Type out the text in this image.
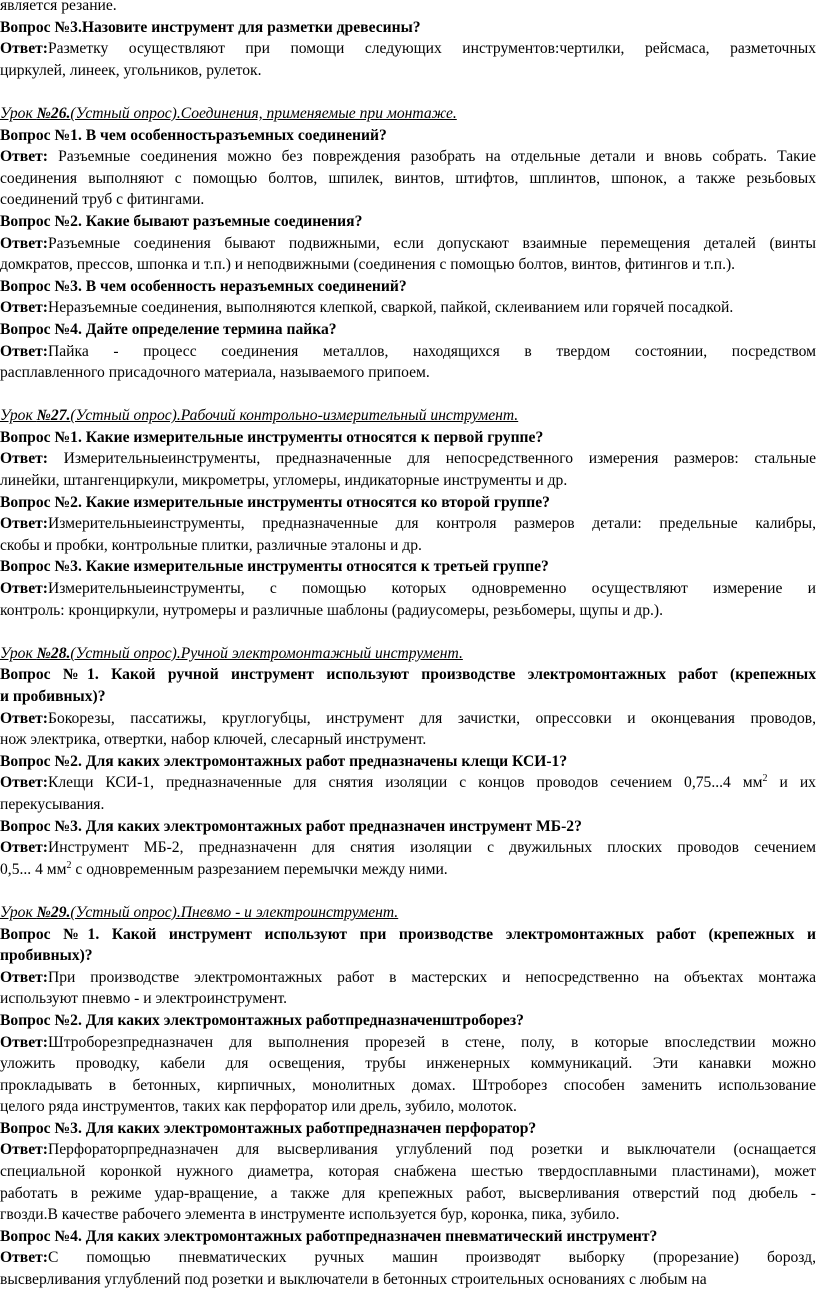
является резание.

Вопрос №3.Назовите инструмент для разметки древесины?

Ответ:Разметку осуществляют при помощи следующих инструментов:чертилки, рейсмаса, разметочных

циркулей, линеек, угольников, рулеток.

Урок №26.(Устный опрос).Соединения, применяемые при монтаже.

Вопрос №1. В чем особенностьразъемных соединений?

Ответ: Разъемные соединения можно без повреждения разобрать на отдельные детали и вновь собрать. Такие

соединения выполняют с помощью болтов, шпилек, винтов, штифтов, шплинтов, шпонок, а также резьбовых

соединений труб с фитингами.

Вопрос №2. Какие бывают разъемные соединения?

Ответ:Разъемные соединения бывают подвижными, если допускают взаимные перемещения деталей (винты

домкратов, прессов, шпонка и т.п.) и неподвижными (соединения с помощью болтов, винтов, фитингов и т.п.).

Вопрос №3. В чем особенность неразъемных соединений?

Ответ:Неразъемные соединения, выполняются клепкой, сваркой, пайкой, склеиванием или горячей посадкой.

Вопрос №4. Дайте определение термина пайка?

Ответ:Пайка - процесс соединения металлов, находящихся в твердом состоянии, посредством

расплавленного присадочного материала, называемого припоем.

Урок №27.(Устный опрос).Рабочий контрольно-измерительный инструмент.

Вопрос №1. Какие измерительные инструменты относятся к первой группе?

Ответ: Измерительныеинструменты, предназначенные для непосредственного измерения размеров: стальные

линейки, штангенциркули, микрометры, угломеры, индикаторные инструменты и др.

Вопрос №2. Какие измерительные инструменты относятся ко второй группе?

Ответ:Измерительныеинструменты, предназначенные для контроля размеров детали: предельные калибры,

скобы и пробки, контрольные плитки, различные эталоны и др.

Вопрос №3. Какие измерительные инструменты относятся к третьей группе?

Ответ:Измерительныеинструменты, с помощью которых одновременно осуществляют измерение и

контроль: кронциркули, нутромеры и различные шаблоны (радиусомеры, резьбомеры, щупы и др.).

Урок №28.(Устный опрос).Ручной электромонтажный инструмент.

Вопрос №1. Какой ручной инструмент используют производстве электромонтажных работ (крепежных

и пробивных)?

Ответ:Бокорезы, пассатижы, круглогубцы, инструмент для зачистки, опрессовки и оконцевания проводов,

нож электрика, отвертки, набор ключей, слесарный инструмент.

Вопрос №2. Для каких электромонтажных работ предназначены клещи КСИ-1?

Ответ:Клещи КСИ-1, предназначенные для снятия изоляции с концов проводов сечением 0,75...4 $мм^2$ и их

перекусывания.

Вопрос №3. Для каких электромонтажных работ предназначен инструмент МБ-2?

Ответ:Инструмент МБ-2, предназначенн для снятия изоляции с двужильных плоских проводов сечением

0,5... 4 $мм^2$ с одновременным разрезанием перемычки между ними.

Урок №29.(Устный опрос).Пневмо - и электроинструмент.

Вопрос №1. Какой инструмент используют при производстве электромонтажных работ (крепежных и

пробивных)?

Ответ:При производстве электромонтажных работ в мастерских и непосредственно на объектах монтажа

используют пневмо - и электроинструмент.

Вопрос №2. Для каких электромонтажных работпредназначенштроборез?

Ответ:Штроборезпредназначен для выполнения прорезей в стене, полу, в которые впоследствии можно

уложить проводку, кабели для освещения, трубы инженерных коммуникаций. Эти канавки можно

прокладывать в бетонных, кирпичных, монолитных домах. Штроборез способен заменить использование

целого ряда инструментов, таких как перфоратор или дрель, зубило, молоток.

Вопрос №3. Для каких электромонтажных работпредназначен перфоратор?

Ответ:Перфораторпредназначен для высверливания углублений под розетки и выключатели (оснащается

специальной коронкой нужного диаметра, которая снабжена шестью твердосплавными пластинами), может

работать в режиме удар-вращение, а также для крепежных работ, высверливания отверстий под дюбель -

гвозди.В качестве рабочего элемента в инструменте используется бур, коронка, пика, зубило.

Вопрос №4. Для каких электромонтажных работпредназначен пневматический инструмент?

Ответ:С помощью пневматических ручных машин производят выборку (прорезание) борозд,

высверливания углублений под розетки и выключатели в бетонных строительных основаниях с любым на
